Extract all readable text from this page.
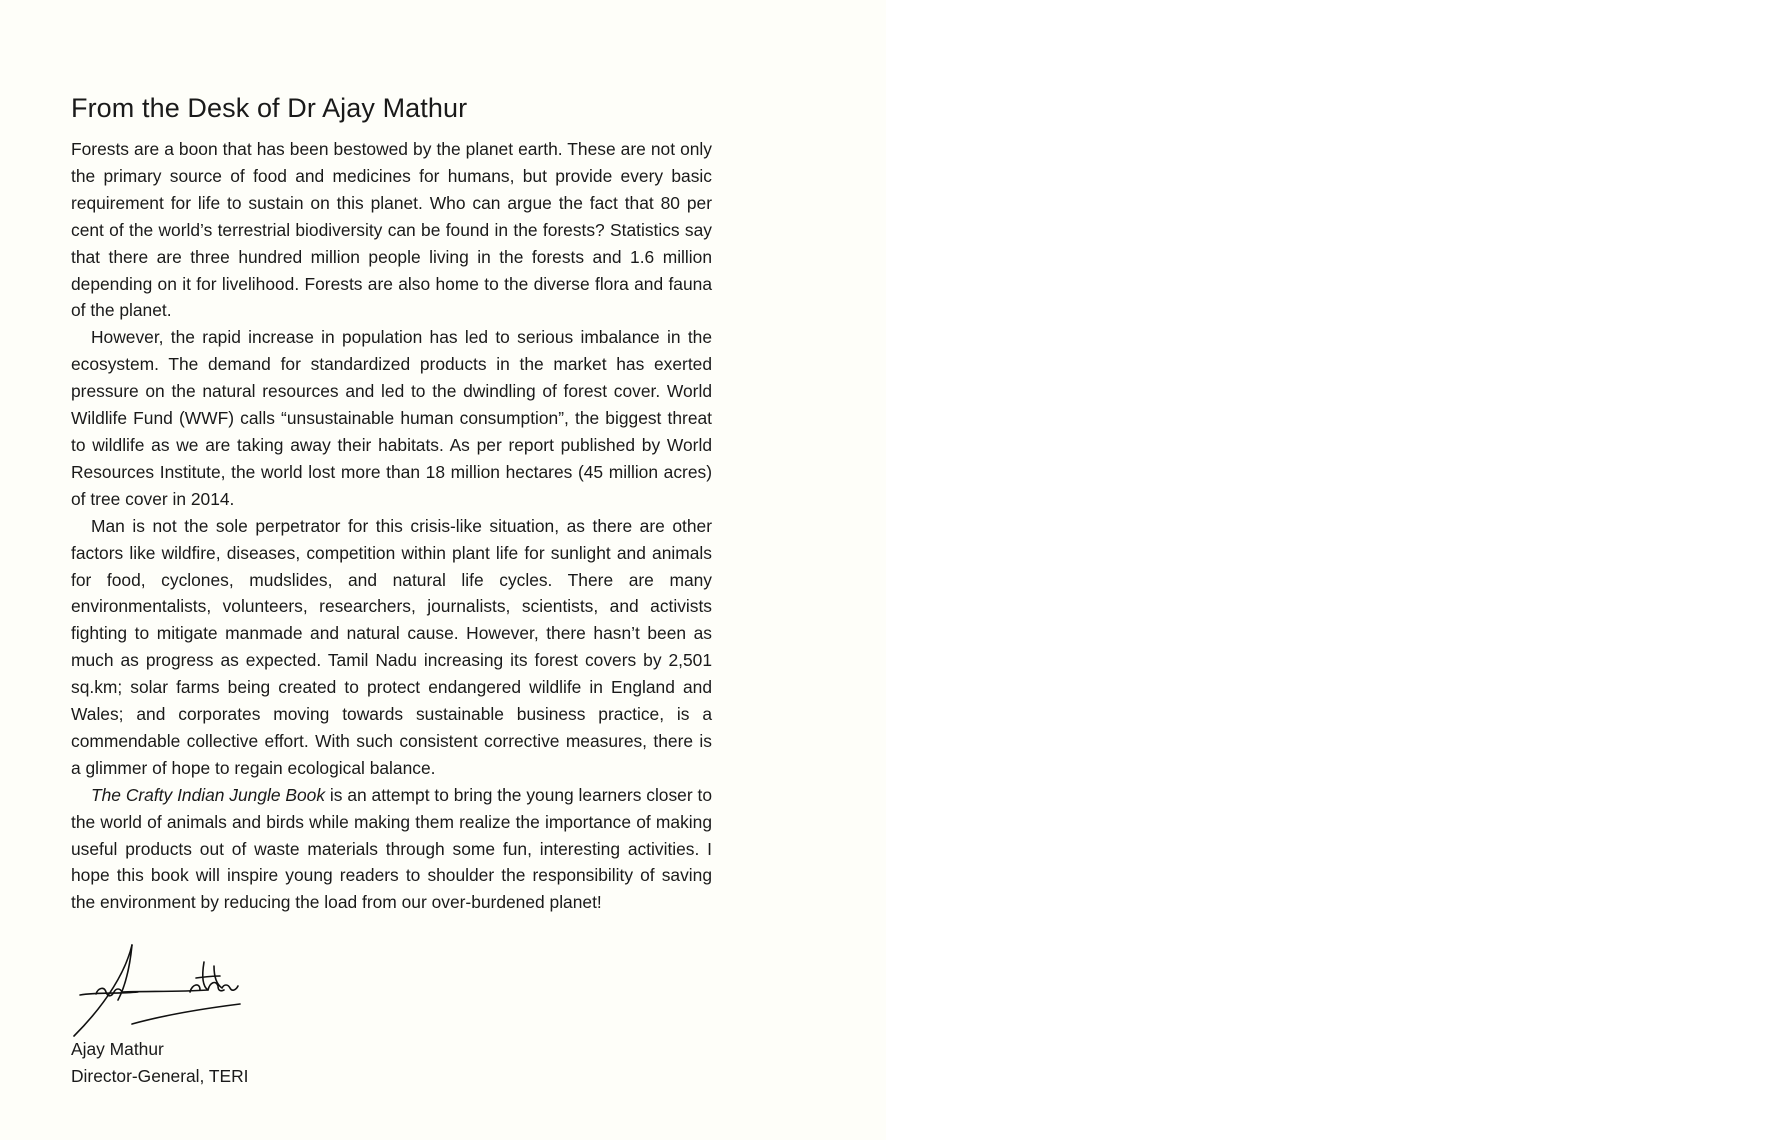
From the Desk of Dr Ajay Mathur

Forests are a boon that has been bestowed by the planet earth. These are not only the primary source of food and medicines for humans, but provide every basic requirement for life to sustain on this planet. Who can argue the fact that 80 per cent of the world’s terrestrial biodiversity can be found in the forests? Statistics say that there are three hundred million people living in the forests and 1.6 million depending on it for livelihood. Forests are also home to the diverse flora and fauna of the planet.

However, the rapid increase in population has led to serious imbalance in the ecosystem. The demand for standardized products in the market has exerted pressure on the natural resources and led to the dwindling of forest cover. World Wildlife Fund (WWF) calls “unsustainable human consumption”, the biggest threat to wildlife as we are taking away their habitats. As per report published by World Resources Institute, the world lost more than 18 million hectares (45 million acres) of tree cover in 2014.

Man is not the sole perpetrator for this crisis-like situation, as there are other factors like wildfire, diseases, competition within plant life for sunlight and animals for food, cyclones, mudslides, and natural life cycles. There are many environmentalists, volunteers, researchers, journalists, scientists, and activists fighting to mitigate manmade and natural cause. However, there hasn’t been as much as progress as expected. Tamil Nadu increasing its forest covers by 2,501 sq.km; solar farms being created to protect endangered wildlife in England and Wales; and corporates moving towards sustainable business practice, is a commendable collective effort. With such consistent corrective measures, there is a glimmer of hope to regain ecological balance.

The Crafty Indian Jungle Book is an attempt to bring the young learners closer to the world of animals and birds while making them realize the importance of making useful products out of waste materials through some fun, interesting activities. I hope this book will inspire young readers to shoulder the responsibility of saving the environment by reducing the load from our over-burdened planet!

Ajay Mathur
Director-General, TERI
